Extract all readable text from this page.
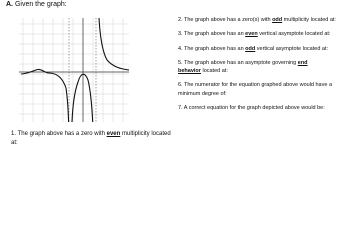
A. Given the graph:
1. The graph above has a zero with even multiplicity located at:

2. The graph above has a zero(s) with odd multiplicity located at:

3. The graph above has an even vertical asymptote located at:

4. The graph above has an odd vertical asymptote located at:

5. The graph above has an asymptote governing end
behavior located at:

6. The numerator for the equation graphed above would have a minimum degree of:

7. A correct equation for the graph depicted above would be:
